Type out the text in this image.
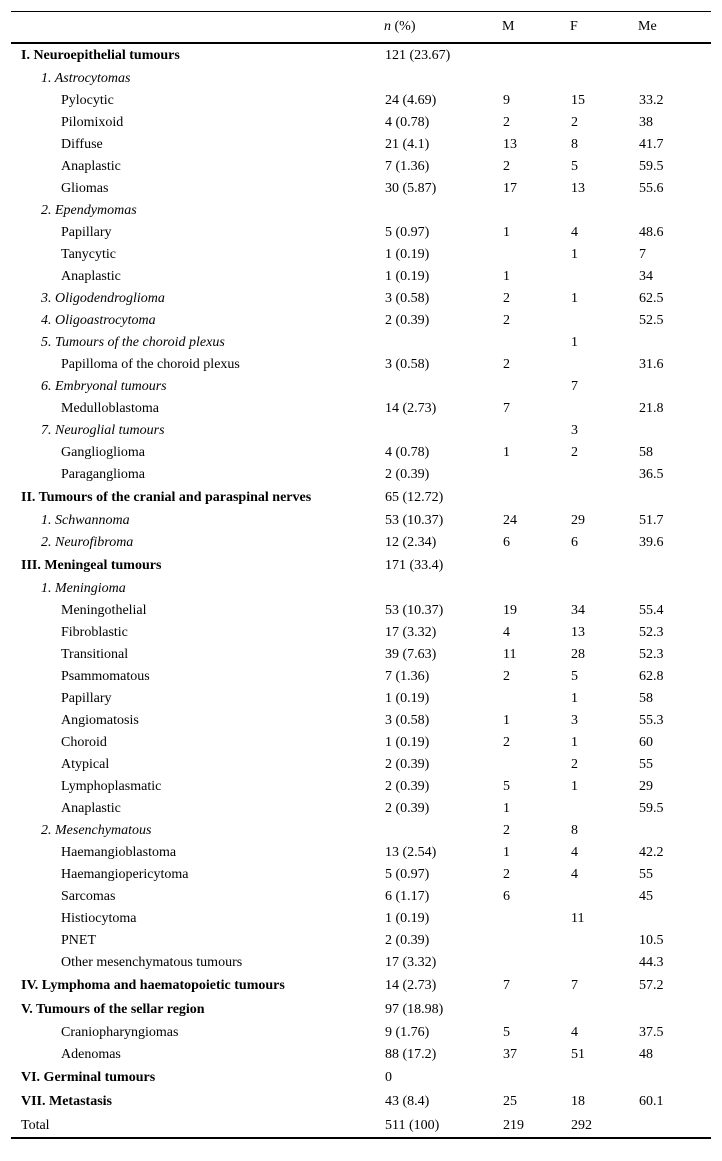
	n (%)	M	F	Me
I. Neuroepithelial tumours	121 (23.67)			
1. Astrocytomas				
Pylocytic	24 (4.69)	9	15	33.2
Pilomixoid	4 (0.78)	2	2	38
Diffuse	21 (4.1)	13	8	41.7
Anaplastic	7 (1.36)	2	5	59.5
Gliomas	30 (5.87)	17	13	55.6
2. Ependymomas				
Papillary	5 (0.97)	1	4	48.6
Tanycytic	1 (0.19)		1	7
Anaplastic	1 (0.19)	1		34
3. Oligodendroglioma	3 (0.58)	2	1	62.5
4. Oligoastrocytoma	2 (0.39)	2		52.5
5. Tumours of the choroid plexus			1	
Papilloma of the choroid plexus	3 (0.58)	2		31.6
6. Embryonal tumours			7	
Medulloblastoma	14 (2.73)	7		21.8
7. Neuroglial tumours			3	
Ganglioglioma	4 (0.78)	1	2	58
Paraganglioma	2 (0.39)			36.5
II. Tumours of the cranial and paraspinal nerves	65 (12.72)			
1. Schwannoma	53 (10.37)	24	29	51.7
2. Neurofibroma	12 (2.34)	6	6	39.6
III. Meningeal tumours	171 (33.4)			
1. Meningioma				
Meningothelial	53 (10.37)	19	34	55.4
Fibroblastic	17 (3.32)	4	13	52.3
Transitional	39 (7.63)	11	28	52.3
Psammomatous	7 (1.36)	2	5	62.8
Papillary	1 (0.19)		1	58
Angiomatosis	3 (0.58)	1	3	55.3
Choroid	1 (0.19)	2	1	60
Atypical	2 (0.39)		2	55
Lymphoplasmatic	2 (0.39)	5	1	29
Anaplastic	2 (0.39)	1		59.5
2. Mesenchymatous		2	8	
Haemangioblastoma	13 (2.54)	1	4	42.2
Haemangiopericytoma	5 (0.97)	2	4	55
Sarcomas	6 (1.17)	6		45
Histiocytoma	1 (0.19)		11	
PNET	2 (0.39)			10.5
Other mesenchymatous tumours	17 (3.32)			44.3
IV. Lymphoma and haematopoietic tumours	14 (2.73)	7	7	57.2
V. Tumours of the sellar region	97 (18.98)			
Craniopharyngiomas	9 (1.76)	5	4	37.5
Adenomas	88 (17.2)	37	51	48
VI. Germinal tumours	0			
VII. Metastasis	43 (8.4)	25	18	60.1
Total	511 (100)	219	292	
